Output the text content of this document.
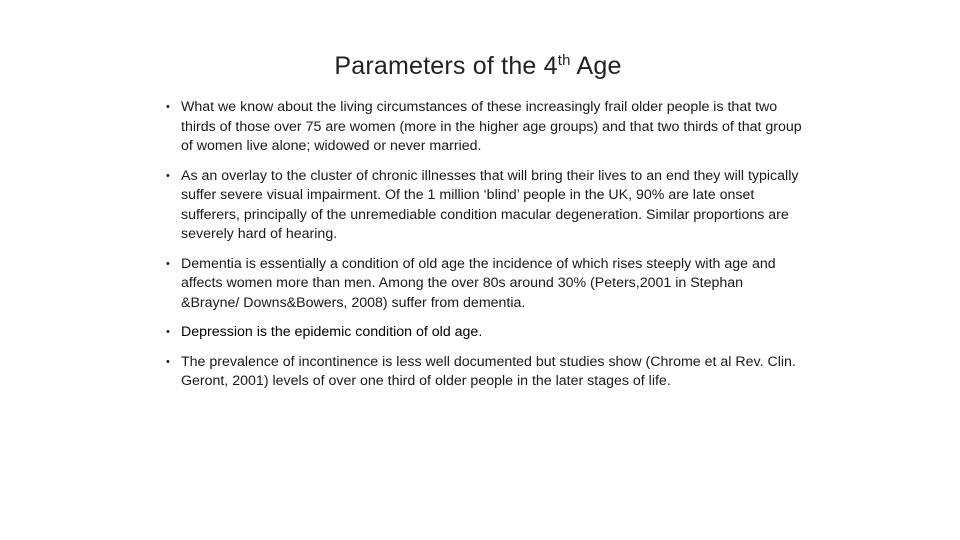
Parameters of the 4th Age
• What we know about the living circumstances of these increasingly frail older people is that two thirds of those over 75 are women (more in the higher age groups) and that two thirds of that group of women live alone; widowed or never married.
• As an overlay to the cluster of chronic illnesses that will bring their lives to an end they will typically suffer severe visual impairment. Of the 1 million ‘blind’ people in the UK, 90% are late onset sufferers, principally of the unremediable condition macular degeneration. Similar proportions are severely hard of hearing.
• Dementia is essentially a condition of old age the incidence of which rises steeply with age and affects women more than men. Among the over 80s around 30% (Peters,2001 in Stephan &Brayne/ Downs&Bowers, 2008) suffer from dementia.
• Depression is the epidemic condition of old age.
• The prevalence of incontinence is less well documented but studies show (Chrome et al Rev. Clin. Geront, 2001) levels of over one third of older people in the later stages of life.
